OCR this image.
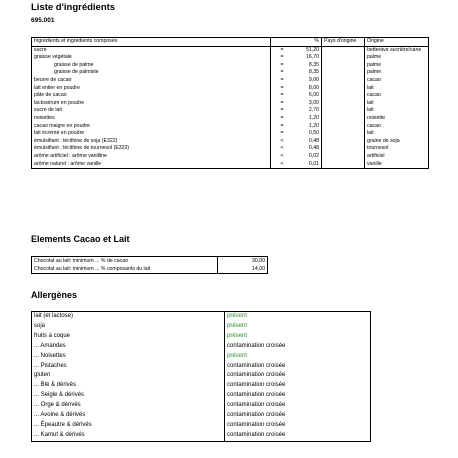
Liste d'ingrédients
695.001
Ingrédients et ingrédients composés	%		Pays d'origine	Origine
sucre	=	51,20		betterave sucrière/cane
graisse végétale	=	16,70		palme
graisse de palme	=	8,35		palme
graisse de palmiste	=	8,35		palme
beurre de cacao	=	9,00		cacao
lait entier en poudre	=	8,00		lait
pâte de cacao	=	6,00		cacao
lactosérum en poudre	=	3,00		lait
sucre de lait	=	2,70		lait
noisettes	=	1,20		noisette
cacao maigre en poudre	=	1,20		cacao
lait écrémé en poudre	=	0,50		lait
émulsifiant : lécithine de soja (E322)	<	0,48		graine de soja
émulsifiant : lécithine de tournesol (E322)	<	0,48		tournesol
arôme artificiel : arôme vanilline	<	0,02		artificiel
arôme naturel : arôme vanille	<	0,01		vanille
Elements Cacao et Lait
Chocolat au lait: minimum ... % de cacao	30,00
Chocolat au lait: minimum ... % composants du lait	14,00
Allergènes
lait (et lactose)	présent
soja	présent
fruits à coque	présent
... Amandes	contamination croisée
... Noisettes	présent
... Pistaches	contamination croisée
gluten	contamination croisée
... Blé & dérivés	contamination croisée
... Seigle & dérivés	contamination croisée
... Orge & dérivés	contamination croisée
... Avoine & dérivés	contamination croisée
... Épeautre & dérivés	contamination croisée
... Kamut & dérivés	contamination croisée
